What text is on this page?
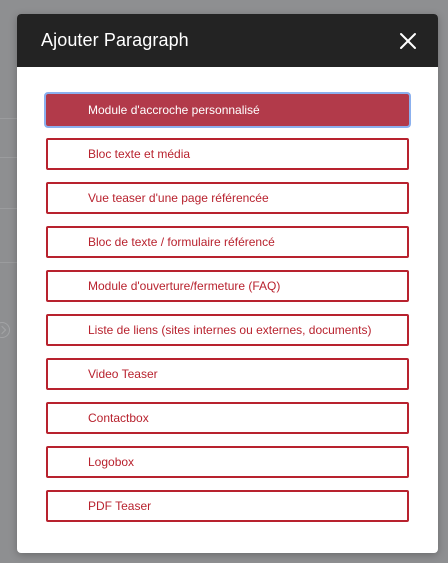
Ajouter Paragraph
Module d'accroche personnalisé
Bloc texte et média
Vue teaser d'une page référencée
Bloc de texte / formulaire référencé
Module d'ouverture/fermeture (FAQ)
Liste de liens (sites internes ou externes, documents)
Video Teaser
Contactbox
Logobox
PDF Teaser
